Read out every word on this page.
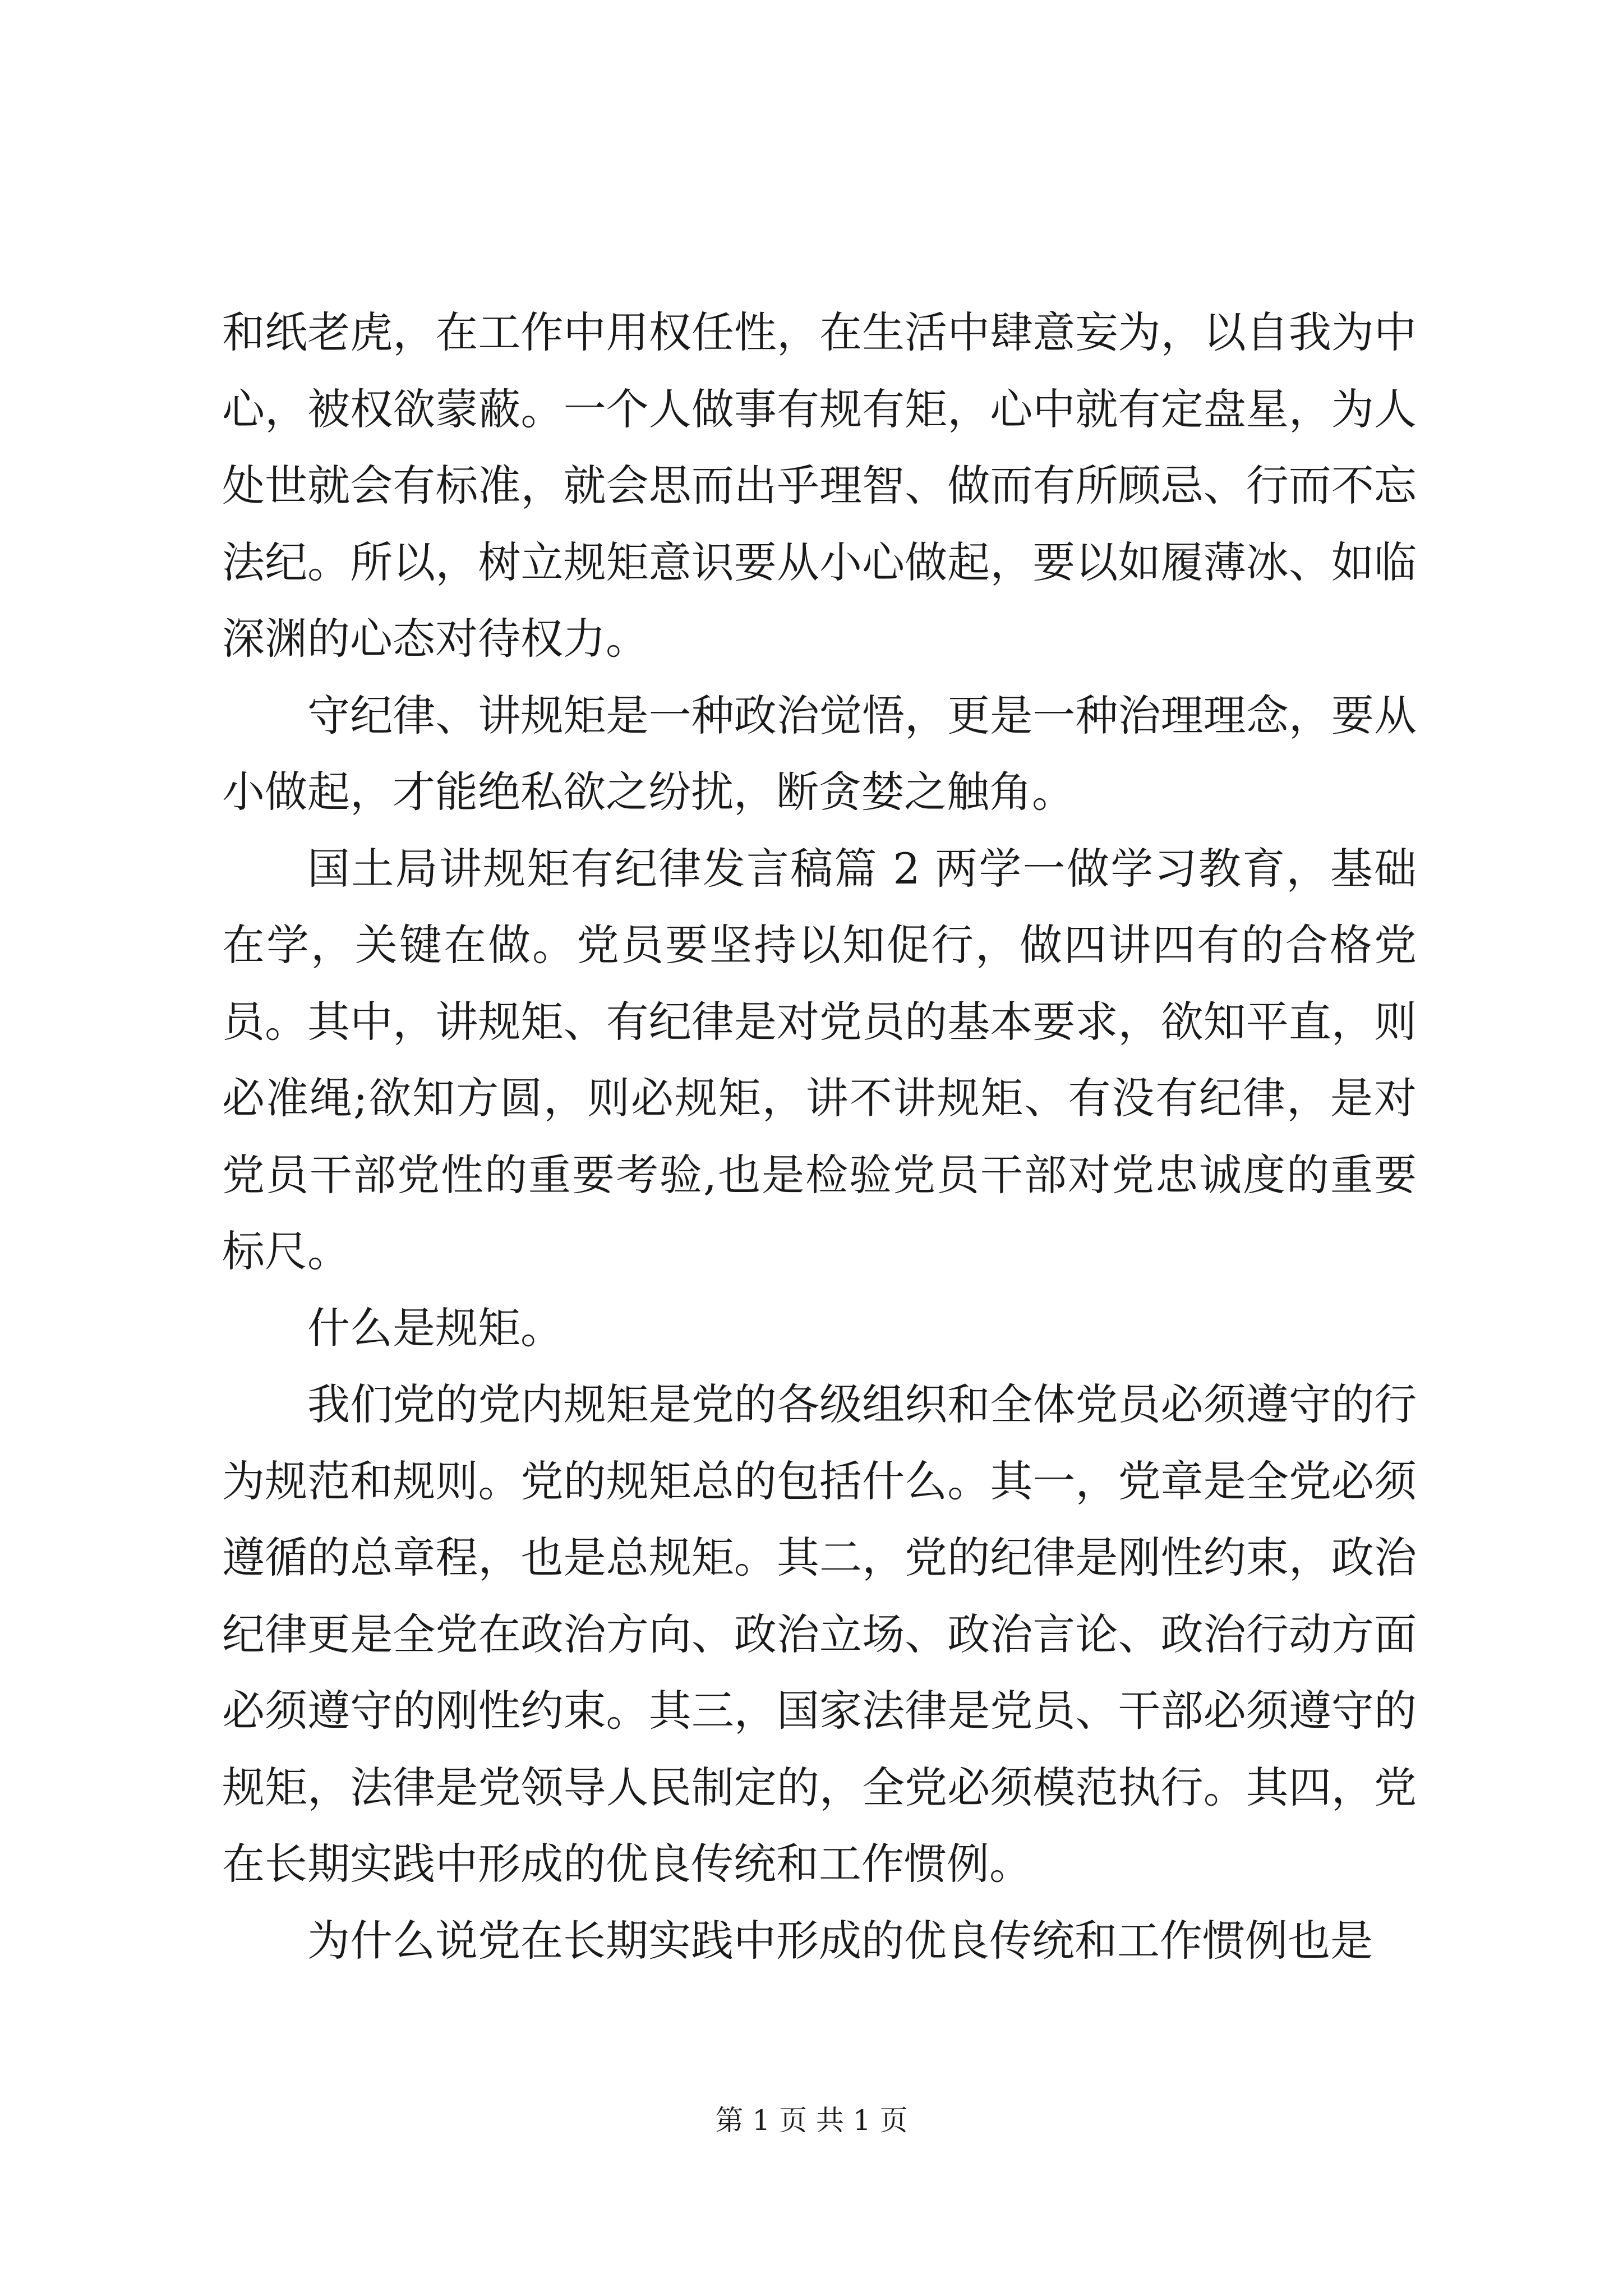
和纸老虎，在工作中用权任性，在生活中肆意妄为，以自我为中心，被权欲蒙蔽。一个人做事有规有矩，心中就有定盘星，为人处世就会有标准，就会思而出乎理智、做而有所顾忌、行而不忘法纪。所以，树立规矩意识要从小心做起，要以如履薄冰、如临深渊的心态对待权力。

守纪律、讲规矩是一种政治觉悟，更是一种治理理念，要从小做起，才能绝私欲之纷扰，断贪婪之触角。

国土局讲规矩有纪律发言稿篇 2 两学一做学习教育，基础在学，关键在做。党员要坚持以知促行，做四讲四有的合格党员。其中，讲规矩、有纪律是对党员的基本要求，欲知平直，则必准绳;欲知方圆，则必规矩，讲不讲规矩、有没有纪律，是对党员干部党性的重要考验,也是检验党员干部对党忠诚度的重要标尺。

什么是规矩。

我们党的党内规矩是党的各级组织和全体党员必须遵守的行为规范和规则。党的规矩总的包括什么。其一，党章是全党必须遵循的总章程，也是总规矩。其二，党的纪律是刚性约束，政治纪律更是全党在政治方向、政治立场、政治言论、政治行动方面必须遵守的刚性约束。其三，国家法律是党员、干部必须遵守的规矩，法律是党领导人民制定的，全党必须模范执行。其四，党在长期实践中形成的优良传统和工作惯例。

为什么说党在长期实践中形成的优良传统和工作惯例也是

第 1 页 共 1 页
